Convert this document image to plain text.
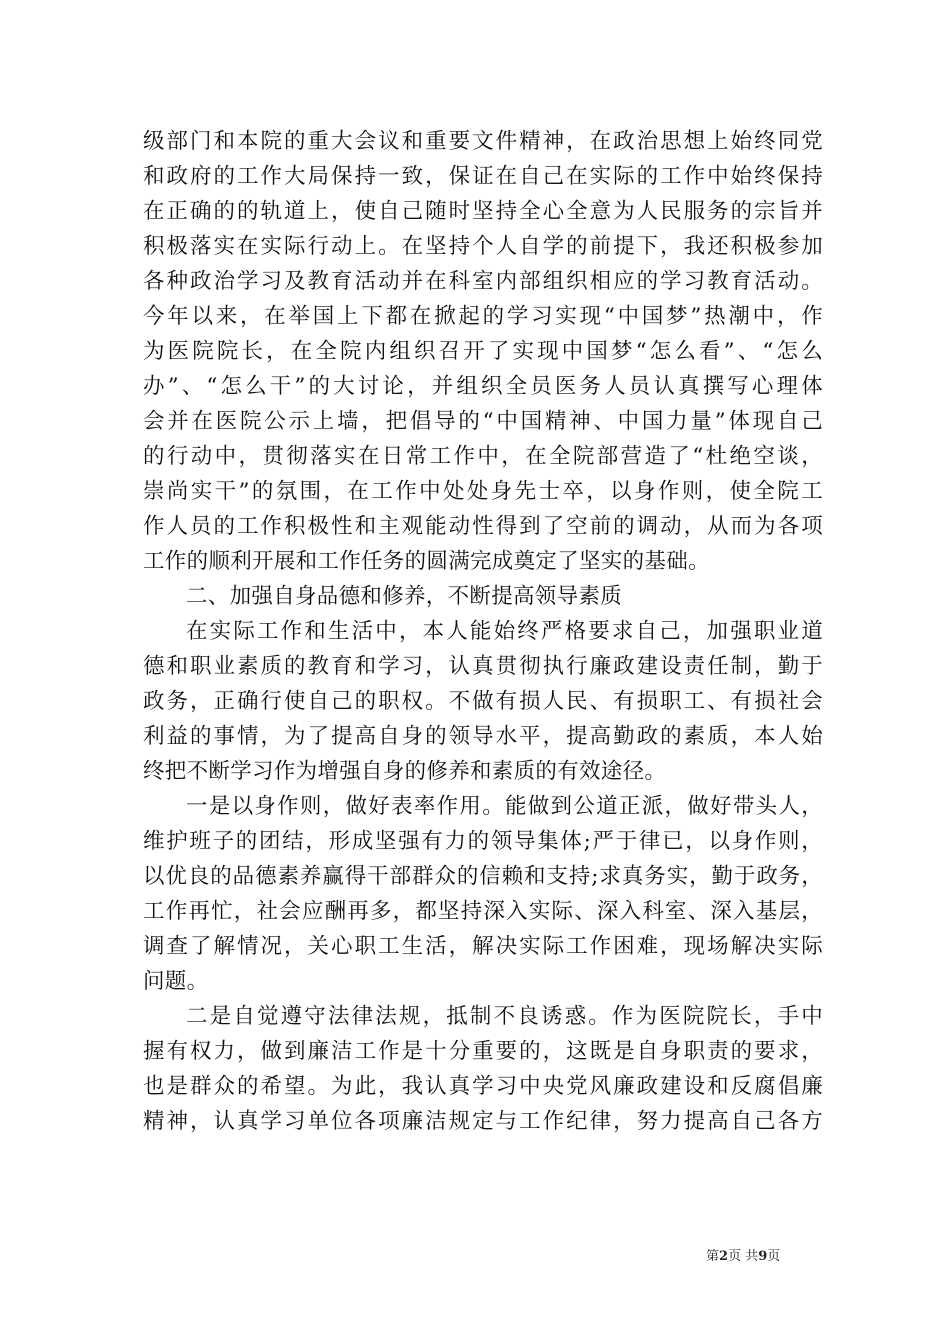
级部门和本院的重大会议和重要文件精神，在政治思想上始终同党
和政府的工作大局保持一致，保证在自己在实际的工作中始终保持
在正确的的轨道上，使自己随时坚持全心全意为人民服务的宗旨并
积极落实在实际行动上。在坚持个人自学的前提下，我还积极参加
各种政治学习及教育活动并在科室内部组织相应的学习教育活动。
今年以来，在举国上下都在掀起的学习实现“中国梦”热潮中，作
为医院院长，在全院内组织召开了实现中国梦“怎么看”、“怎么
办”、“怎么干”的大讨论，并组织全员医务人员认真撰写心理体
会并在医院公示上墙，把倡导的“中国精神、中国力量”体现自己
的行动中，贯彻落实在日常工作中，在全院部营造了“杜绝空谈，
崇尚实干”的氛围，在工作中处处身先士卒，以身作则，使全院工
作人员的工作积极性和主观能动性得到了空前的调动，从而为各项
工作的顺利开展和工作任务的圆满完成奠定了坚实的基础。
二、加强自身品德和修养，不断提高领导素质
在实际工作和生活中，本人能始终严格要求自己，加强职业道
德和职业素质的教育和学习，认真贯彻执行廉政建设责任制，勤于
政务，正确行使自己的职权。不做有损人民、有损职工、有损社会
利益的事情，为了提高自身的领导水平，提高勤政的素质，本人始
终把不断学习作为增强自身的修养和素质的有效途径。
一是以身作则，做好表率作用。能做到公道正派，做好带头人，
维护班子的团结，形成坚强有力的领导集体;严于律已，以身作则，
以优良的品德素养赢得干部群众的信赖和支持;求真务实，勤于政务，
工作再忙，社会应酬再多，都坚持深入实际、深入科室、深入基层，
调查了解情况，关心职工生活，解决实际工作困难，现场解决实际
问题。
二是自觉遵守法律法规，抵制不良诱惑。作为医院院长，手中
握有权力，做到廉洁工作是十分重要的，这既是自身职责的要求，
也是群众的希望。为此，我认真学习中央党风廉政建设和反腐倡廉
精神，认真学习单位各项廉洁规定与工作纪律，努力提高自己各方
第2页 共9页
